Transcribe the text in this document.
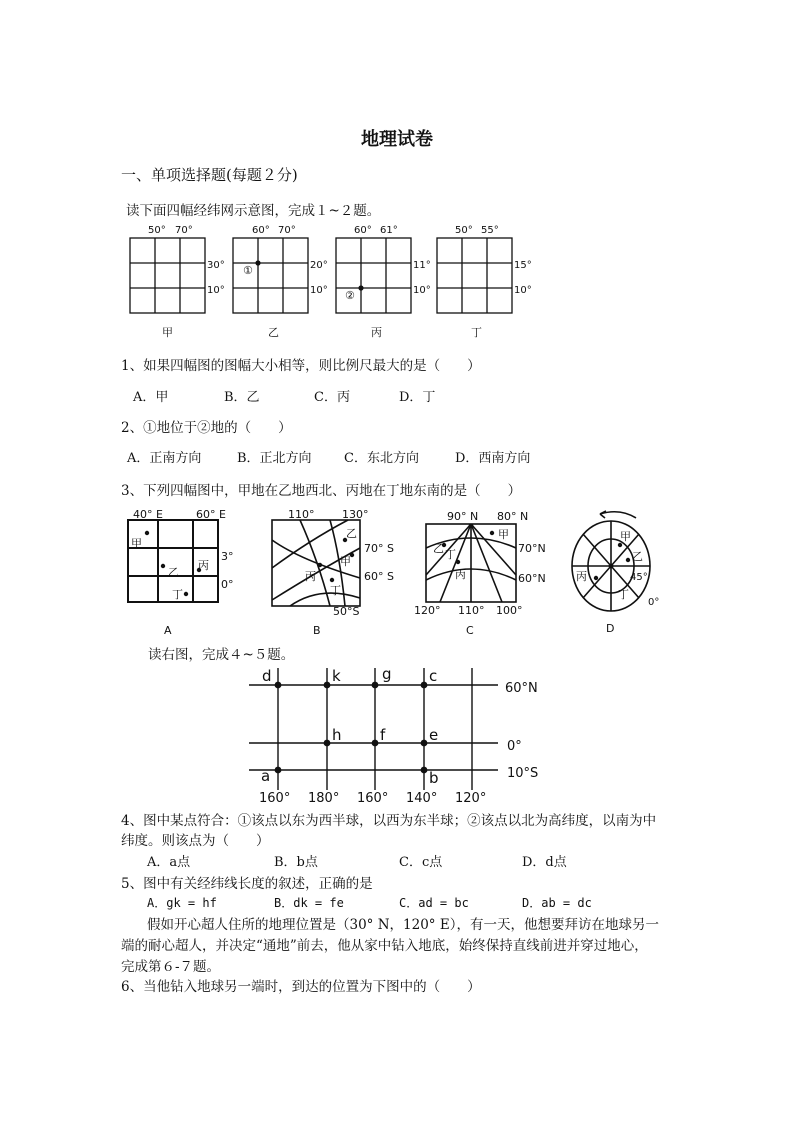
地理试卷
一、单项选择题(每题２分)
读下面四幅经纬网示意图，完成１~２题。
50° 70°
30°
10°
60° 70°
20°
10°
①
60° 61°
11°
10°
②
50° 55°
15°
10°
甲	乙	丙	丁
1、如果四幅图的图幅大小相等，则比例尺最大的是（　　）
A．甲	B．乙	C．丙	D．丁
2、①地位于②地的（　　）
A．正南方向	B．正北方向 C．东北方向	D．西南方向
3、下列四幅图中，甲地在乙地西北、丙地在丁地东南的是（　　）
40° E	60° E
3°
0°
甲
乙
丙
丁
A
110°	130°
70° S
60° S
50°S
乙
甲
丙
丁
B
90° N 80° N
70°N
60°N
120° 110° 100°
甲
丁
乙
丙
C
甲
乙
丙
丁
45°
0°
D
读右图，完成４~５题。
d	k	g c
h	f	e
a	b
60°N
0°
10°S
160° 180° 160° 140° 120°
4、图中某点符合：①该点以东为西半球，以西为东半球；②该点以北为高纬度，以南为中
纬度。则该点为（　　）
A．a点	B．b点	C．c点	D．d点
5、图中有关经纬线长度的叙述，正确的是
A．gk = hf	B．dk = fe	C．ad = bc	D．ab = dc
假如开心超人住所的地理位置是（30° N，120° E），有一天，他想要拜访在地球另一
端的耐心超人，并决定“通地”前去，他从家中钻入地底，始终保持直线前进并穿过地心，
完成第６-７题。
6、当他钻入地球另一端时，到达的位置为下图中的（　　）
